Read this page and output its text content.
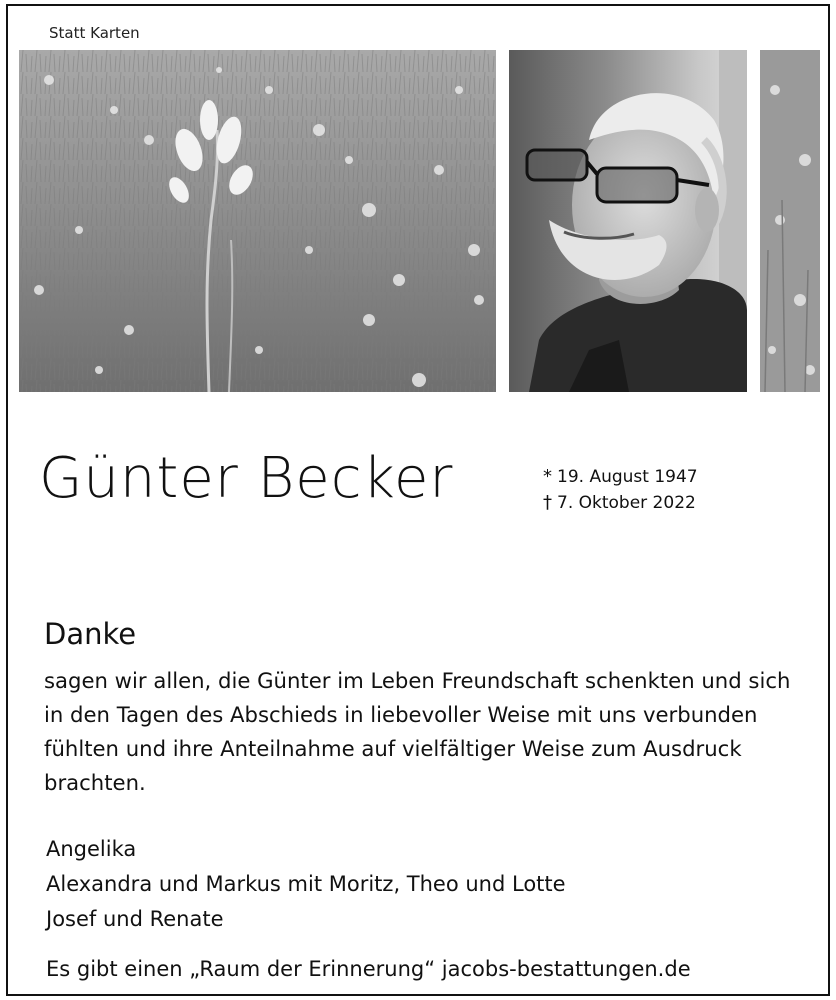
Statt Karten
Günter Becker	* 19. August 1947
† 7. Oktober 2022
Danke
sagen wir allen, die Günter im Leben Freundschaft schenkten und sich in den Tagen des Abschieds in liebevoller Weise mit uns verbunden fühlten und ihre Anteilnahme auf vielfältiger Weise zum Ausdruck brachten.
Angelika
Alexandra und Markus mit Moritz, Theo und Lotte
Josef und Renate
Es gibt einen „Raum der Erinnerung“ jacobs-bestattungen.de
